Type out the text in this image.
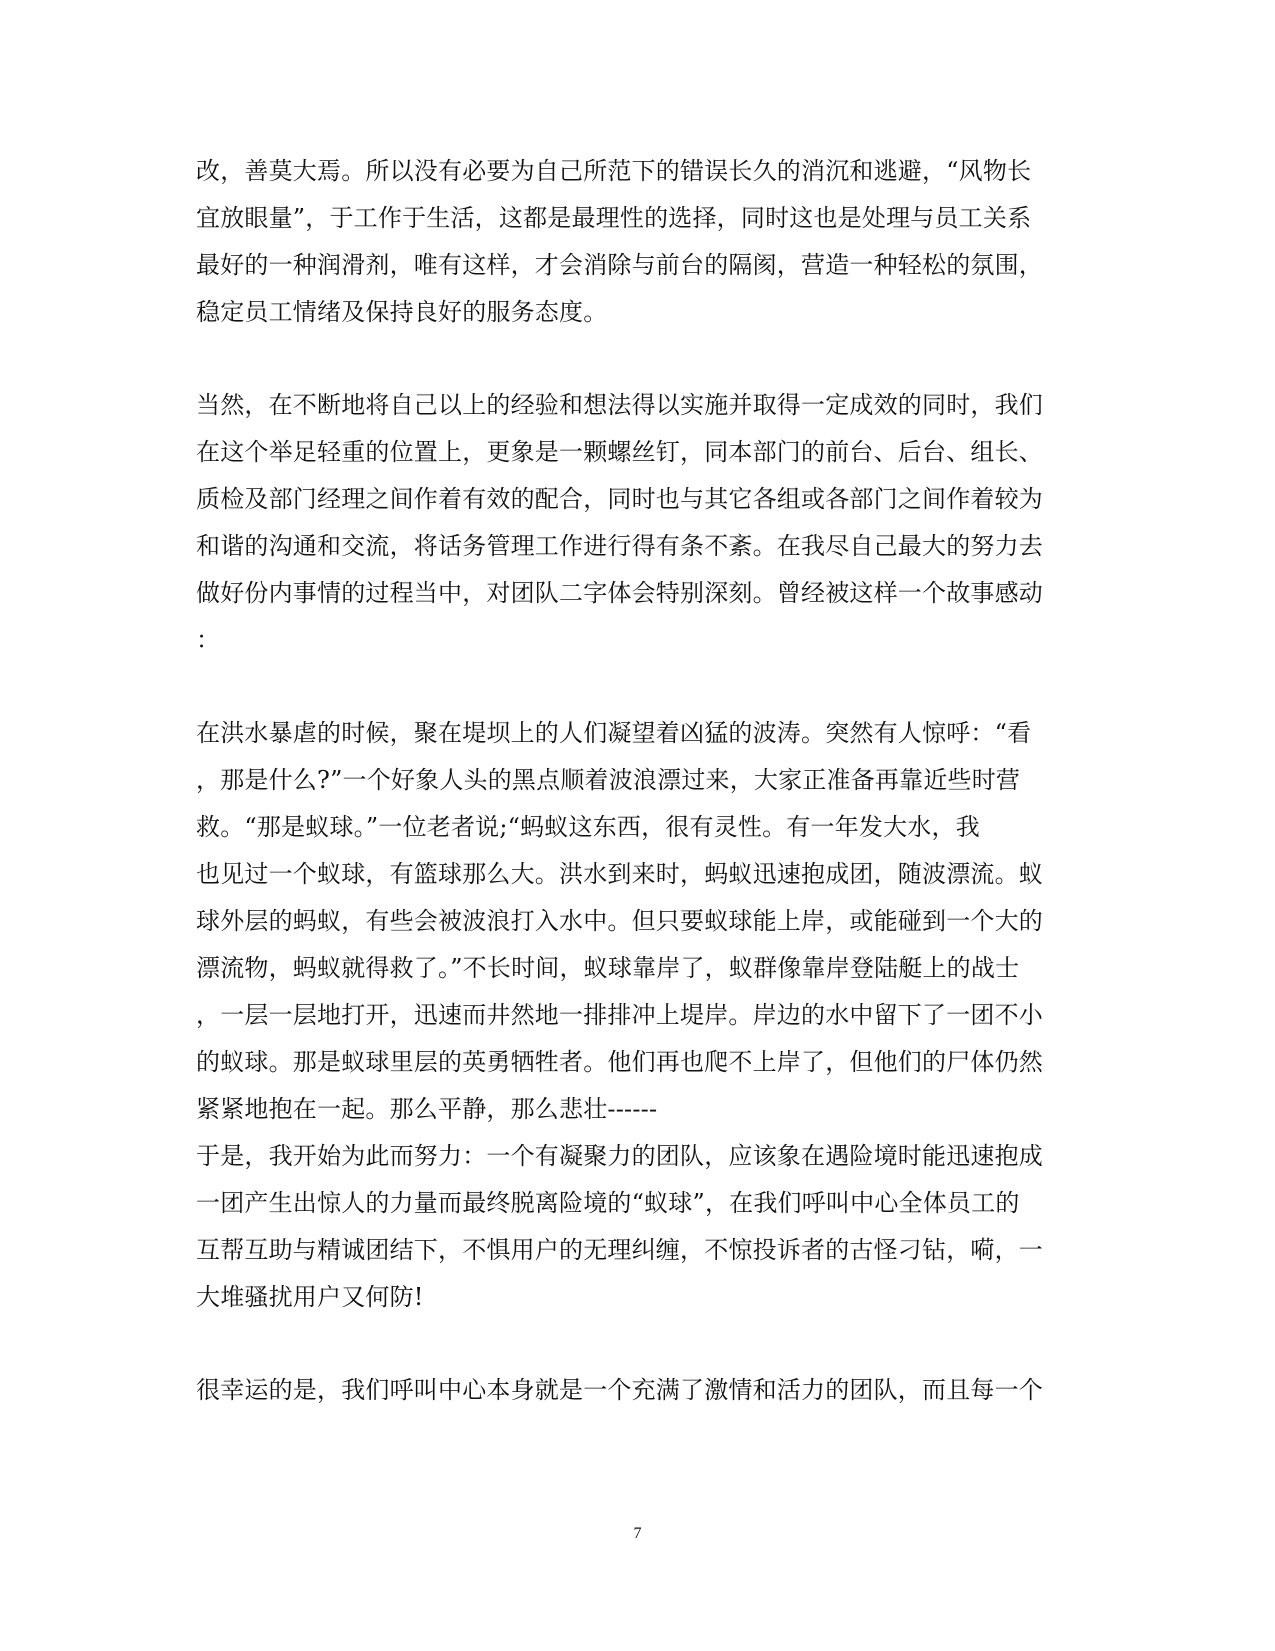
改，善莫大焉。所以没有必要为自己所范下的错误长久的消沉和逃避，“风物长
宜放眼量”，于工作于生活，这都是最理性的选择，同时这也是处理与员工关系
最好的一种润滑剂，唯有这样，才会消除与前台的隔阂，营造一种轻松的氛围，
稳定员工情绪及保持良好的服务态度。
当然，在不断地将自己以上的经验和想法得以实施并取得一定成效的同时，我们
在这个举足轻重的位置上，更象是一颗螺丝钉，同本部门的前台、后台、组长、
质检及部门经理之间作着有效的配合，同时也与其它各组或各部门之间作着较为
和谐的沟通和交流，将话务管理工作进行得有条不紊。在我尽自己最大的努力去
做好份内事情的过程当中，对团队二字体会特别深刻。曾经被这样一个故事感动
：
在洪水暴虐的时候，聚在堤坝上的人们凝望着凶猛的波涛。突然有人惊呼：“看
，那是什么?”一个好象人头的黑点顺着波浪漂过来，大家正准备再靠近些时营
救。“那是蚁球。”一位老者说;“蚂蚁这东西，很有灵性。有一年发大水，我
也见过一个蚁球，有篮球那么大。洪水到来时，蚂蚁迅速抱成团，随波漂流。蚁
球外层的蚂蚁，有些会被波浪打入水中。但只要蚁球能上岸，或能碰到一个大的
漂流物，蚂蚁就得救了。”不长时间，蚁球靠岸了，蚁群像靠岸登陆艇上的战士
，一层一层地打开，迅速而井然地一排排冲上堤岸。岸边的水中留下了一团不小
的蚁球。那是蚁球里层的英勇牺牲者。他们再也爬不上岸了，但他们的尸体仍然
紧紧地抱在一起。那么平静，那么悲壮------
于是，我开始为此而努力：一个有凝聚力的团队，应该象在遇险境时能迅速抱成
一团产生出惊人的力量而最终脱离险境的“蚁球”，在我们呼叫中心全体员工的
互帮互助与精诚团结下，不惧用户的无理纠缠，不惊投诉者的古怪刁钻，嗬，一
大堆骚扰用户又何防!
很幸运的是，我们呼叫中心本身就是一个充满了激情和活力的团队，而且每一个
7
